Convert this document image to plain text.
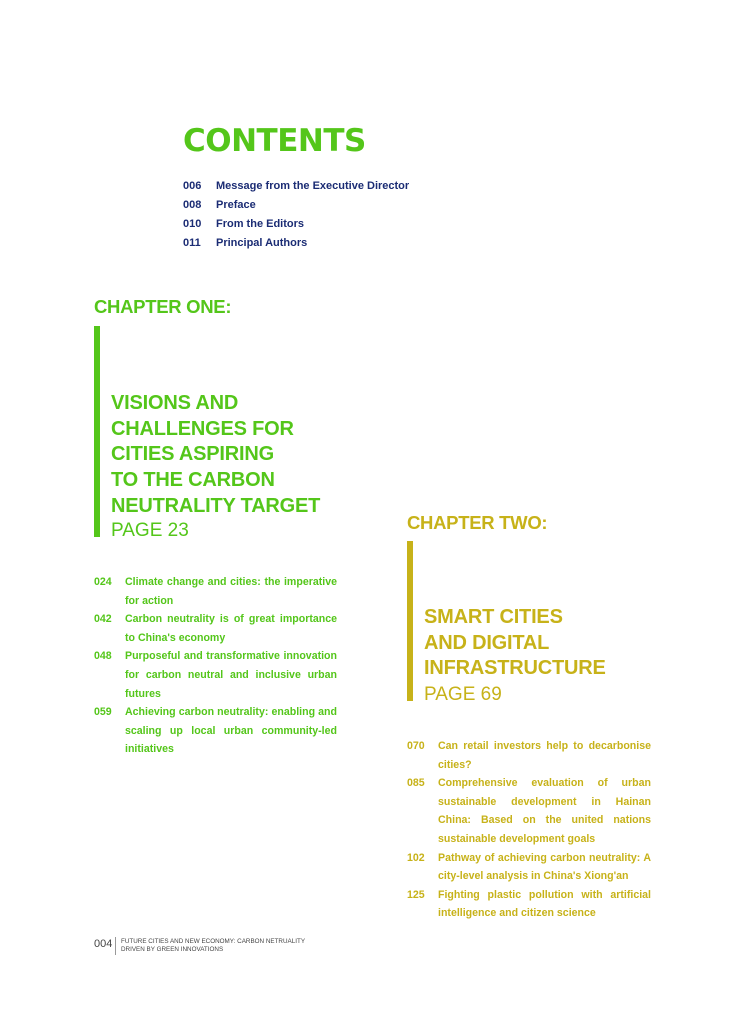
CONTENTS
006	Message from the Executive Director
008	Preface
010	From the Editors
011	Principal Authors
CHAPTER ONE:
VISIONS AND
CHALLENGES FOR
CITIES ASPIRING
TO THE CARBON
NEUTRALITY TARGET

PAGE 23

024	Climate change and cities: the imperative for action
042	Carbon neutrality is of great importance to China's economy
048	Purposeful and transformative innovation for carbon neutral and inclusive urban futures
059	Achieving carbon neutrality: enabling and scaling up local urban community-led initiatives
CHAPTER TWO:
SMART CITIES
AND DIGITAL
INFRASTRUCTURE

PAGE 69

070	Can retail investors help to decarbonise cities?
085	Comprehensive evaluation of urban sustainable development in Hainan China: Based on the united nations sustainable development goals
102	Pathway of achieving carbon neutrality: A city-level analysis in China's Xiong'an
125	Fighting plastic pollution with artificial intelligence and citizen science
004 FUTURE CITIES AND NEW ECONOMY: CARBON NETRUALITY
DRIVEN BY GREEN INNOVATIONS
